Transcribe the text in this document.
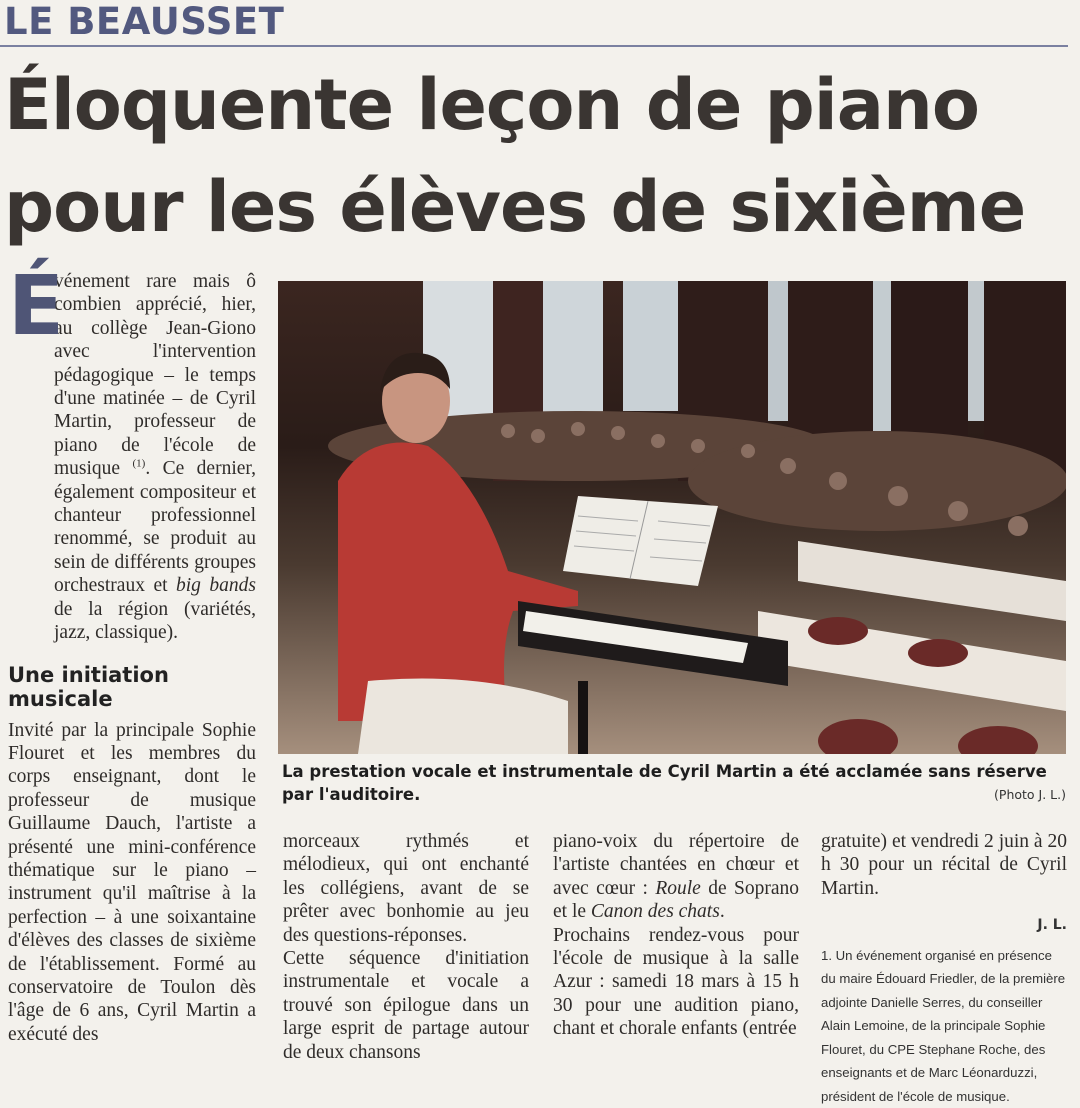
LE BEAUSSET
Éloquente leçon de piano
pour les élèves de sixième
É

vénement rare mais ô combien apprécié, hier, au collège Jean-Giono avec l'intervention pédagogique – le temps d'une matinée – de Cyril Martin, professeur de piano de l'école de musique $^{(1)}$. Ce dernier, également compositeur et chanteur professionnel renommé, se produit au sein de différents groupes orchestraux et big bands de la région (variétés, jazz, classique).

Une initiation musicale

Invité par la principale Sophie Flouret et les membres du corps enseignant, dont le professeur de musique Guillaume Dauch, l'artiste a présenté une mini-conférence thématique sur le piano – instrument qu'il maîtrise à la perfection – à une soixantaine d'élèves des classes de sixième de l'établissement. Formé au conservatoire de Toulon dès l'âge de 6 ans, Cyril Martin a exécuté des

La prestation vocale et instrumentale de Cyril Martin a été acclamée sans réserve par l'auditoire.	(Photo J. L.)

morceaux rythmés et mélodieux, qui ont enchanté les collégiens, avant de se prêter avec bonhomie au jeu des questions-réponses.

Cette séquence d'initiation instrumentale et vocale a trouvé son épilogue dans un large esprit de partage autour de deux chansons

piano-voix du répertoire de l'artiste chantées en chœur et avec cœur : Roule de Soprano et le Canon des chats.

Prochains rendez-vous pour l'école de musique à la salle Azur : samedi 18 mars à 15 h 30 pour une audition piano, chant et chorale enfants (entrée

gratuite) et vendredi 2 juin à 20 h 30 pour un récital de Cyril Martin.

J. L.
1. Un événement organisé en présence du maire Édouard Friedler, de la première adjointe Danielle Serres, du conseiller Alain Lemoine, de la principale Sophie Flouret, du CPE Stephane Roche, des enseignants et de Marc Léonarduzzi, président de l'école de musique.
